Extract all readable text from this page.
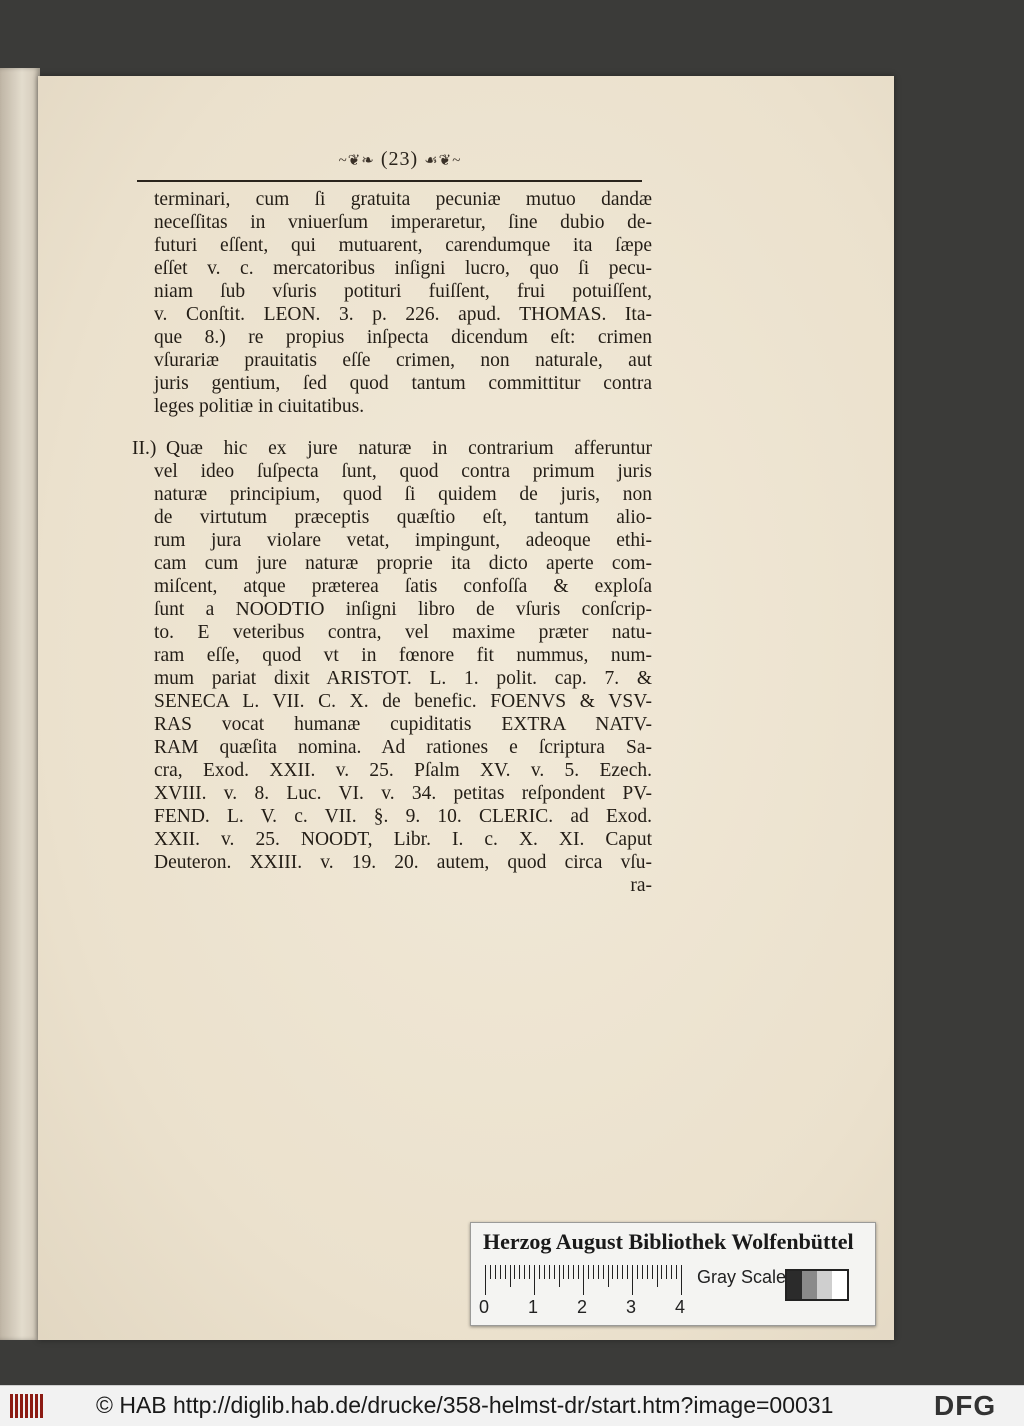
~❦❧ (23) ☙❦~
terminari, cum ſi gratuita pecuniæ mutuo dandæ
neceſſitas in vniuerſum imperaretur, ſine dubio de-
futuri eſſent, qui mutuarent, carendumque ita ſæpe
eſſet v. c. mercatoribus inſigni lucro, quo ſi pecu-
niam ſub vſuris potituri fuiſſent, frui potuiſſent,
v. Conſtit. LEON. 3. p. 226. apud. THOMAS. Ita-
que 8.) re propius inſpecta dicendum eſt: crimen
vſurariæ prauitatis eſſe crimen, non naturale, aut
juris gentium, ſed quod tantum committitur contra
leges politiæ in ciuitatibus.
II.) Quæ hic ex jure naturæ in contrarium afferuntur
vel ideo ſuſpecta ſunt, quod contra primum juris
naturæ principium, quod ſi quidem de juris, non
de virtutum præceptis quæſtio eſt, tantum alio-
rum jura violare vetat, impingunt, adeoque ethi-
cam cum jure naturæ proprie ita dicto aperte com-
miſcent, atque præterea ſatis confoſſa & exploſa
ſunt a NOODTIO inſigni libro de vſuris conſcrip-
to. E veteribus contra, vel maxime præter natu-
ram eſſe, quod vt in fœnore fit nummus, num-
mum pariat dixit ARISTOT. L. 1. polit. cap. 7. &
SENECA L. VII. C. X. de benefic. FOENVS & VSV-
RAS vocat humanæ cupiditatis EXTRA NATV-
RAM quæſita nomina. Ad rationes e ſcriptura Sa-
cra, Exod. XXII. v. 25. Pſalm XV. v. 5. Ezech.
XVIII. v. 8. Luc. VI. v. 34. petitas reſpondent PV-
FEND. L. V. c. VII. §. 9. 10. CLERIC. ad Exod.
XXII. v. 25. NOODT, Libr. I. c. X. XI. Caput
Deuteron. XXIII. v. 19. 20. autem, quod circa vſu-
ra-
Herzog August Bibliothek Wolfenbüttel
0 1 2 3 4
Gray Scale
© HAB http://diglib.hab.de/drucke/358-helmst-dr/start.htm?image=00031	DFG
